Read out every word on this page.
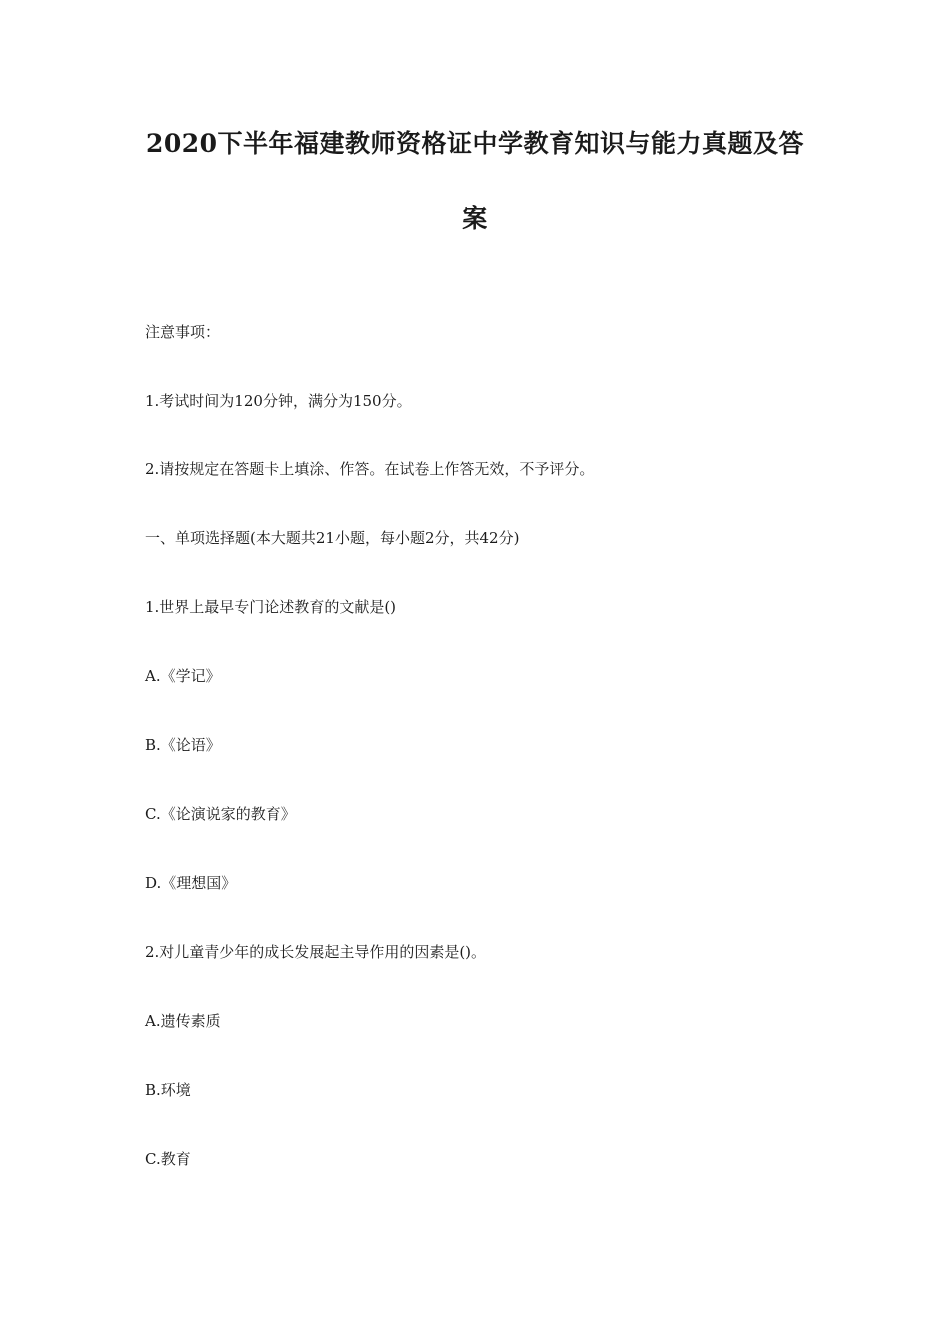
2020下半年福建教师资格证中学教育知识与能力真题及答
案

注意事项：

1.考试时间为120分钟，满分为150分。

2.请按规定在答题卡上填涂、作答。在试卷上作答无效，不予评分。

一、单项选择题(本大题共21小题，每小题2分，共42分)

1.世界上最早专门论述教育的文献是()

A.《学记》

B.《论语》

C.《论演说家的教育》

D.《理想国》

2.对儿童青少年的成长发展起主导作用的因素是()。

A.遗传素质

B.环境

C.教育
